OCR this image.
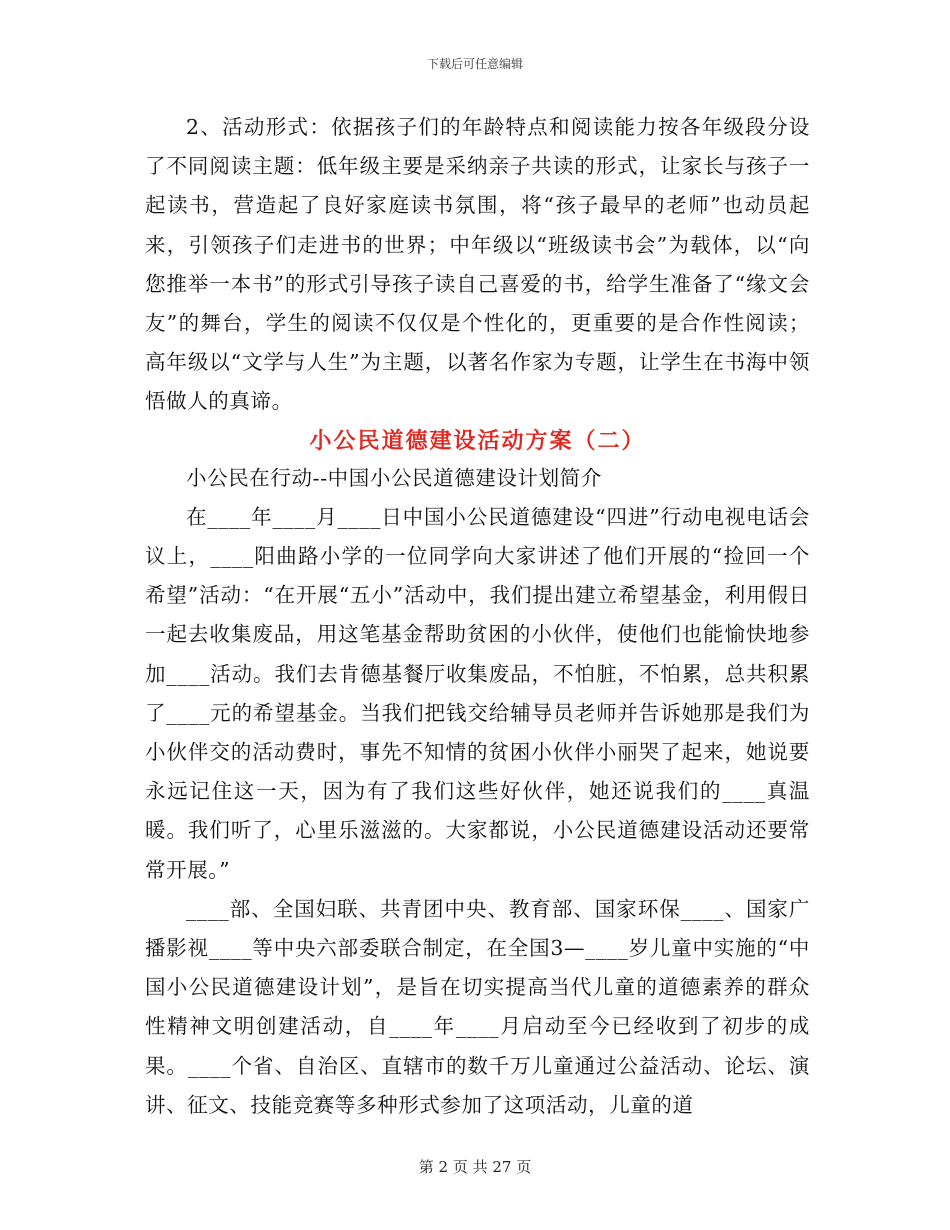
下载后可任意编辑

2、活动形式：依据孩子们的年龄特点和阅读能力按各年级段分设了不同阅读主题：低年级主要是采纳亲子共读的形式，让家长与孩子一起读书，营造起了良好家庭读书氛围，将“孩子最早的老师”也动员起来，引领孩子们走进书的世界；中年级以“班级读书会”为载体，以“向您推举一本书”的形式引导孩子读自己喜爱的书，给学生准备了“缘文会友”的舞台，学生的阅读不仅仅是个性化的，更重要的是合作性阅读；高年级以“文学与人生”为主题，以著名作家为专题，让学生在书海中领悟做人的真谛。

小公民道德建设活动方案（二）

小公民在行动--中国小公民道德建设计划简介

在____年____月____日中国小公民道德建设“四进”行动电视电话会议上，____阳曲路小学的一位同学向大家讲述了他们开展的“捡回一个希望”活动：“在开展“五小”活动中，我们提出建立希望基金，利用假日一起去收集废品，用这笔基金帮助贫困的小伙伴，使他们也能愉快地参加____活动。我们去肯德基餐厅收集废品，不怕脏，不怕累，总共积累了____元的希望基金。当我们把钱交给辅导员老师并告诉她那是我们为小伙伴交的活动费时，事先不知情的贫困小伙伴小丽哭了起来，她说要永远记住这一天，因为有了我们这些好伙伴，她还说我们的____真温暖。我们听了，心里乐滋滋的。大家都说，小公民道德建设活动还要常常开展。”

____部、全国妇联、共青团中央、教育部、国家环保____、国家广播影视____等中央六部委联合制定，在全国3—____岁儿童中实施的“中国小公民道德建设计划”，是旨在切实提高当代儿童的道德素养的群众性精神文明创建活动，自____年____月启动至今已经收到了初步的成果。____个省、自治区、直辖市的数千万儿童通过公益活动、论坛、演讲、征文、技能竞赛等多种形式参加了这项活动，儿童的道

第 2 页 共 27 页
